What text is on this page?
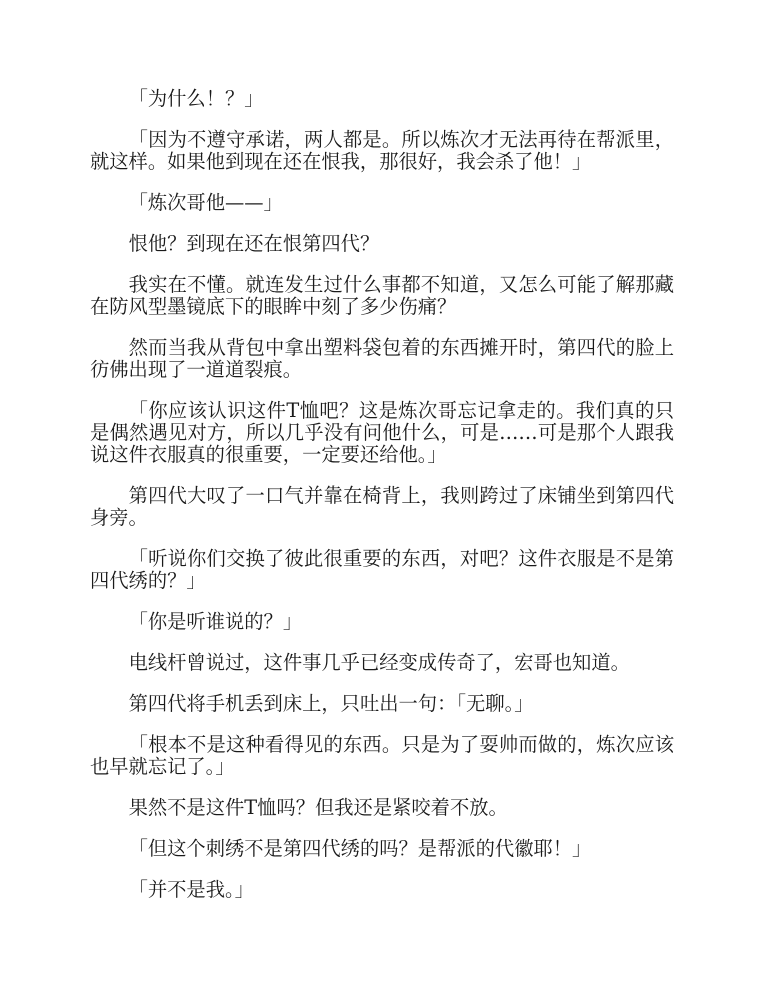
「为什么！？」

「因为不遵守承诺，两人都是。所以炼次才无法再待在帮派里，就这样。如果他到现在还在恨我，那很好，我会杀了他！」

「炼次哥他——」

恨他？到现在还在恨第四代？

我实在不懂。就连发生过什么事都不知道，又怎么可能了解那藏在防风型墨镜底下的眼眸中刻了多少伤痛？

然而当我从背包中拿出塑料袋包着的东西摊开时，第四代的脸上彷佛出现了一道道裂痕。

「你应该认识这件T恤吧？这是炼次哥忘记拿走的。我们真的只是偶然遇见对方，所以几乎没有问他什么，可是……可是那个人跟我说这件衣服真的很重要，一定要还给他。」

第四代大叹了一口气并靠在椅背上，我则跨过了床铺坐到第四代身旁。

「听说你们交换了彼此很重要的东西，对吧？这件衣服是不是第四代绣的？」

「你是听谁说的？」

电线杆曾说过，这件事几乎已经变成传奇了，宏哥也知道。

第四代将手机丢到床上，只吐出一句：「无聊。」

「根本不是这种看得见的东西。只是为了耍帅而做的，炼次应该也早就忘记了。」

果然不是这件T恤吗？但我还是紧咬着不放。

「但这个刺绣不是第四代绣的吗？是帮派的代徽耶！」

「并不是我。」
